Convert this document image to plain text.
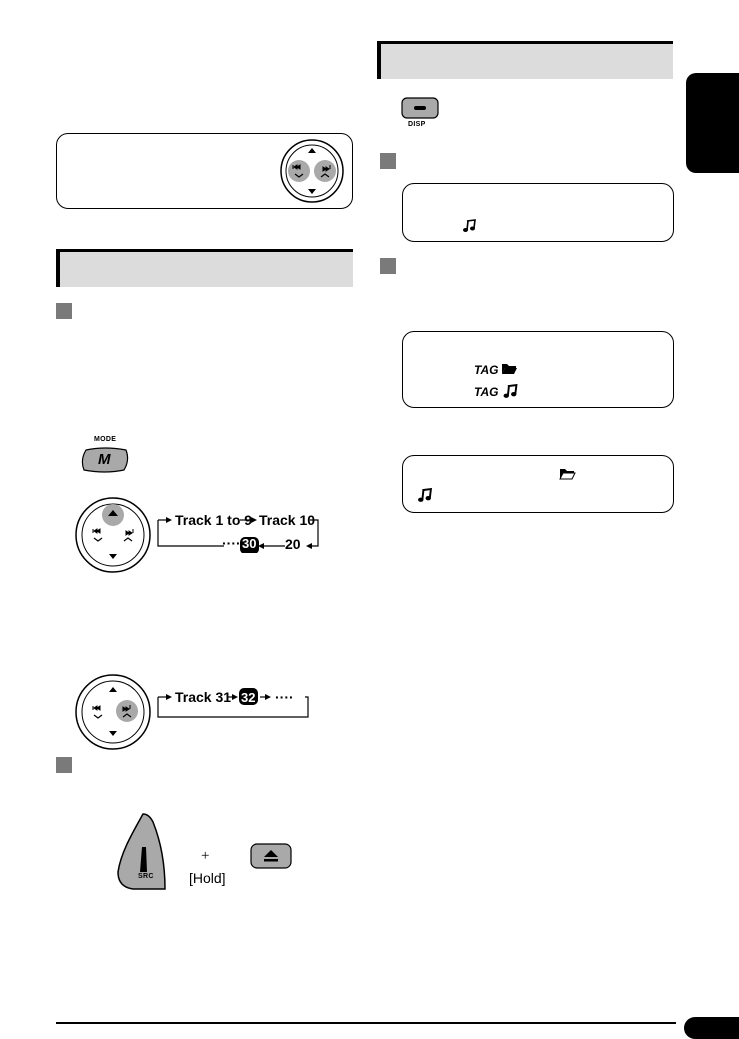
MODE
M
Track 1 to 9 Track 10
···· 30 20
Track 31 32 ····
SRC
+
[Hold]
DISP
TAG
TAG
